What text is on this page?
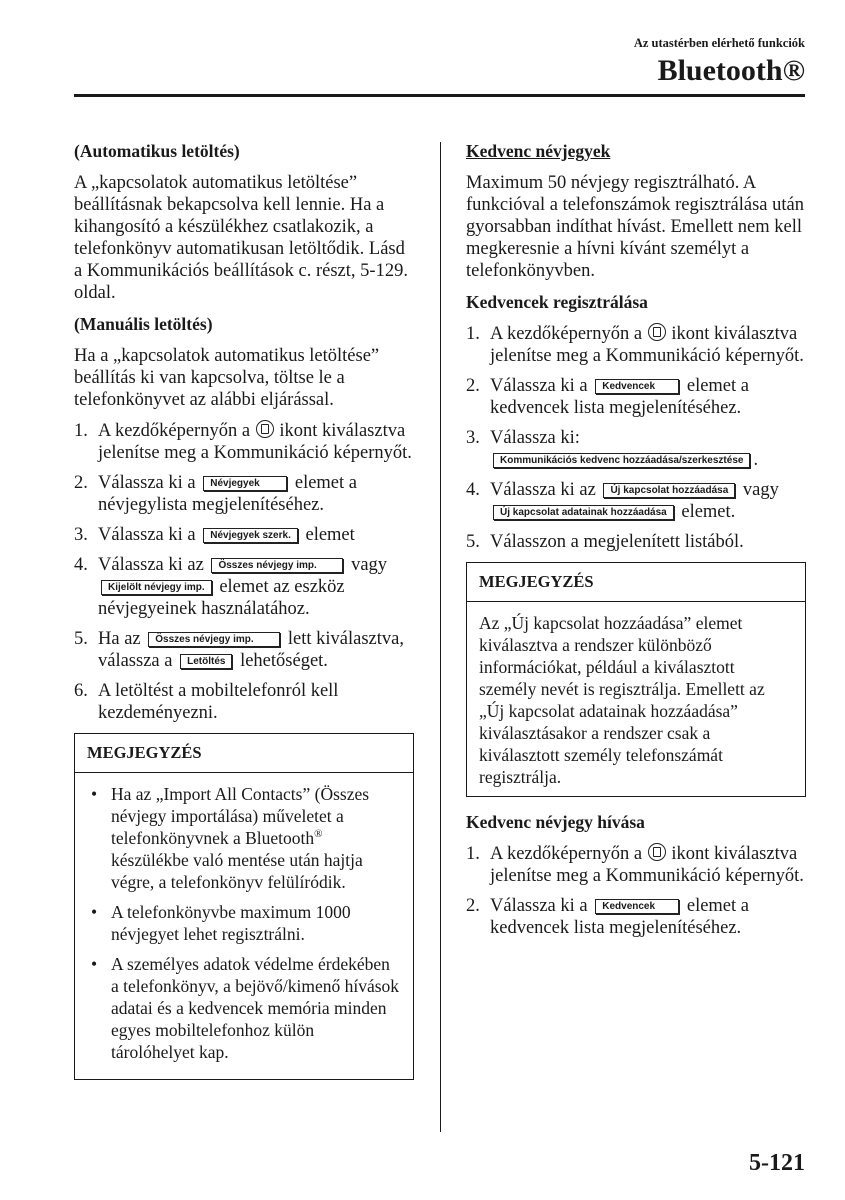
Az utastérben elérhető funkciók
Bluetooth®

(Automatikus letöltés)

A „kapcsolatok automatikus letöltése” beállításnak bekapcsolva kell lennie. Ha a kihangosító a készülékhez csatlakozik, a telefonkönyv automatikusan letöltődik. Lásd a Kommunikációs beállítások c. részt, 5-129. oldal.

(Manuális letöltés)

Ha a „kapcsolatok automatikus letöltése” beállítás ki van kapcsolva, töltse le a telefonkönyvet az alábbi eljárással.

1. A kezdőképernyőn a ikont kiválasztva jelenítse meg a Kommunikáció képernyőt.
2. Válassza ki a Névjegyek elemet a névjegylista megjelenítéséhez.
3. Válassza ki a Névjegyek szerk. elemet
4. Válassza ki az Összes névjegy imp. vagy Kijelölt névjegy imp. elemet az eszköz névjegyeinek használatához.
5. Ha az Összes névjegy imp. lett kiválasztva, válassza a Letöltés lehetőséget.
6. A letöltést a mobiltelefonról kell kezdeményezni.
MEGJEGYZÉS
• Ha az „Import All Contacts” (Összes névjegy importálása) műveletet a telefonkönyvnek a Bluetooth® készülékbe való mentése után hajtja végre, a telefonkönyv felülíródik.
• A telefonkönyvbe maximum 1000 névjegyet lehet regisztrálni.
• A személyes adatok védelme érdekében a telefonkönyv, a bejövő/kimenő hívások adatai és a kedvencek memória minden egyes mobiltelefonhoz külön tárolóhelyet kap.

Kedvenc névjegyek

Maximum 50 névjegy regisztrálható. A funkcióval a telefonszámok regisztrálása után gyorsabban indíthat hívást. Emellett nem kell megkeresnie a hívni kívánt személyt a telefonkönyvben.

Kedvencek regisztrálása

1. A kezdőképernyőn a ikont kiválasztva jelenítse meg a Kommunikáció képernyőt.
2. Válassza ki a Kedvencek elemet a kedvencek lista megjelenítéséhez.
3. Válassza ki:
Kommunikációs kedvenc hozzáadása/szerkesztése .
4. Válassza ki az Új kapcsolat hozzáadása vagy
Új kapcsolat adatainak hozzáadása elemet.
5. Válasszon a megjelenített listából.
MEGJEGYZÉS

Az „Új kapcsolat hozzáadása” elemet kiválasztva a rendszer különböző információkat, például a kiválasztott személy nevét is regisztrálja. Emellett az „Új kapcsolat adatainak hozzáadása” kiválasztásakor a rendszer csak a kiválasztott személy telefonszámát regisztrálja.

Kedvenc névjegy hívása

1. A kezdőképernyőn a ikont kiválasztva jelenítse meg a Kommunikáció képernyőt.
2. Válassza ki a Kedvencek elemet a kedvencek lista megjelenítéséhez.
5-121
